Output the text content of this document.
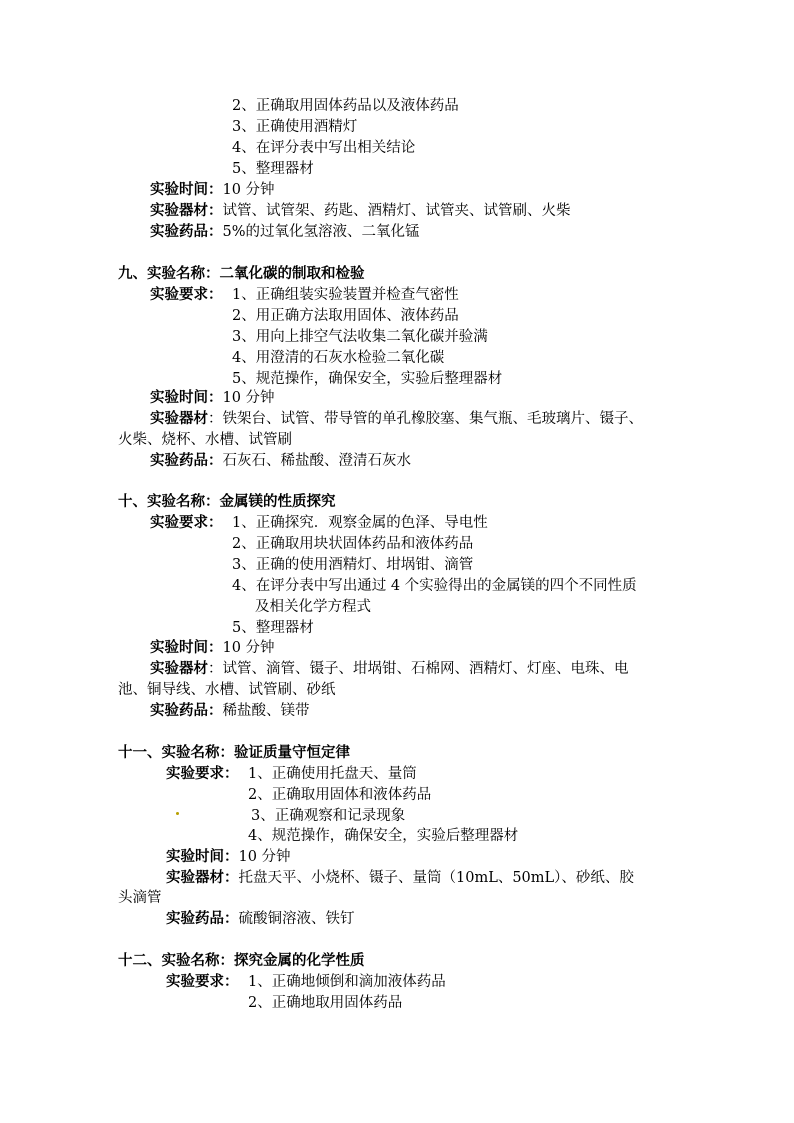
2、正确取用固体药品以及液体药品
3、正确使用酒精灯
4、在评分表中写出相关结论
5、整理器材
实验时间：10 分钟
实验器材：试管、试管架、药匙、酒精灯、试管夹、试管刷、火柴
实验药品：5%的过氧化氢溶液、二氧化锰
九、实验名称：二氧化碳的制取和检验
实验要求： 1、正确组装实验装置并检查气密性
2、用正确方法取用固体、液体药品
3、用向上排空气法收集二氧化碳并验满
4、用澄清的石灰水检验二氧化碳
5、规范操作，确保安全，实验后整理器材
实验时间：10 分钟
实验器材：铁架台、试管、带导管的单孔橡胶塞、集气瓶、毛玻璃片、镊子、
火柴、烧杯、水槽、试管刷
实验药品：石灰石、稀盐酸、澄清石灰水
十、实验名称：金属镁的性质探究
实验要求： 1、正确探究．观察金属的色泽、导电性
2、正确取用块状固体药品和液体药品
3、正确的使用酒精灯、坩埚钳、滴管
4、在评分表中写出通过 4 个实验得出的金属镁的四个不同性质
及相关化学方程式
5、整理器材
实验时间：10 分钟
实验器材：试管、滴管、镊子、坩埚钳、石棉网、酒精灯、灯座、电珠、电
池、铜导线、水槽、试管刷、砂纸
实验药品：稀盐酸、镁带
十一、实验名称：验证质量守恒定律
实验要求： 1、正确使用托盘天、量筒
2、正确取用固体和液体药品
3、正确观察和记录现象
4、规范操作，确保安全，实验后整理器材
实验时间：10 分钟
实验器材：托盘天平、小烧杯、镊子、量筒（10mL、50mL）、砂纸、胶
头滴管
实验药品：硫酸铜溶液、铁钉
十二、实验名称：探究金属的化学性质
实验要求： 1、正确地倾倒和滴加液体药品
2、正确地取用固体药品
